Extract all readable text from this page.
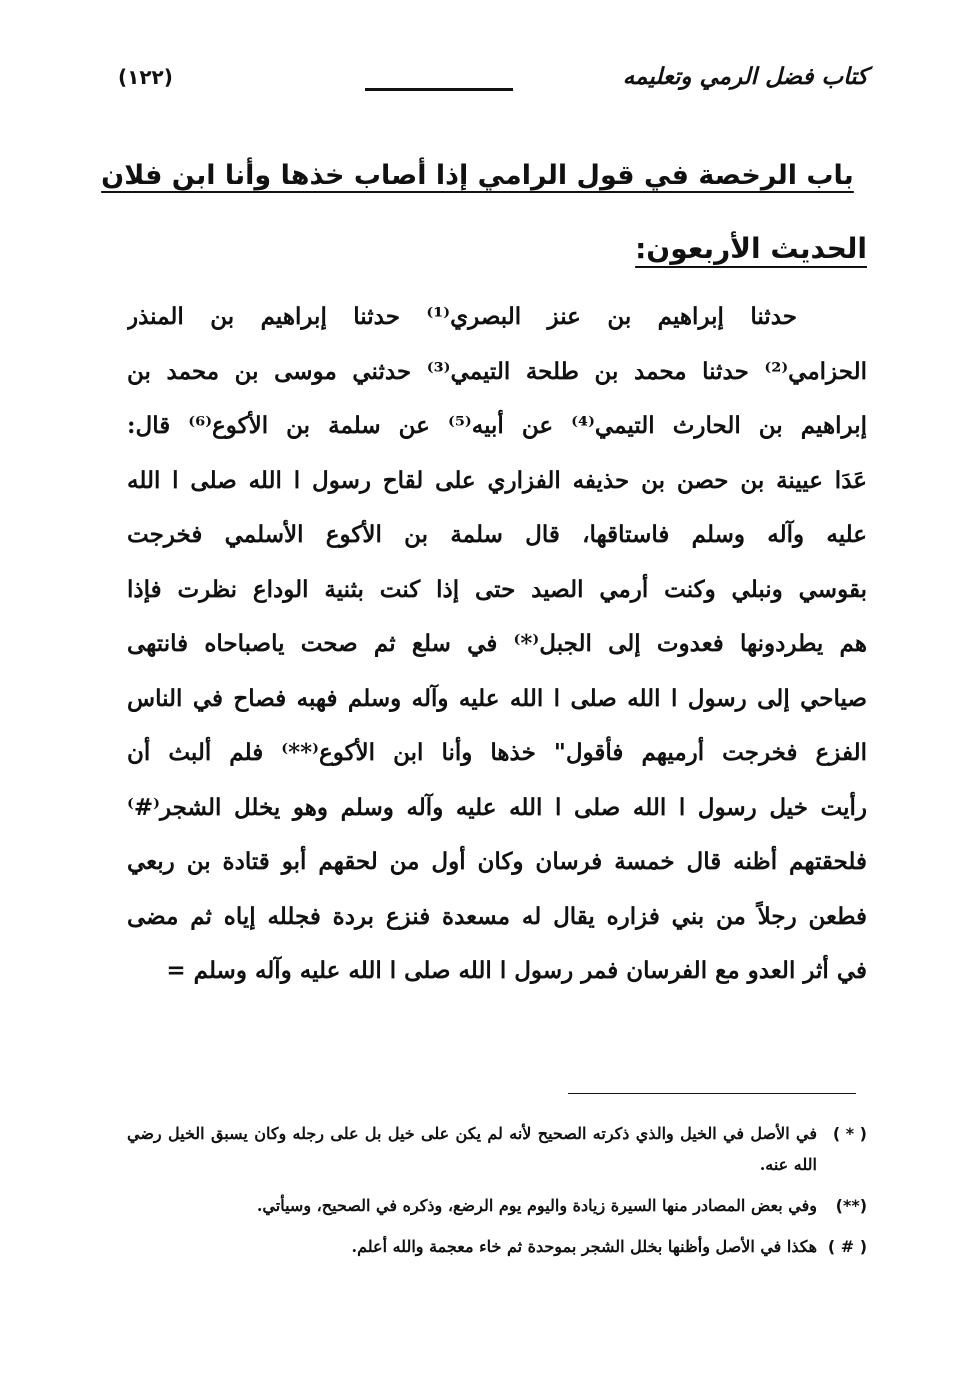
كتاب فضل الرمي وتعليمه
(١٢٢)
باب الرخصة في قول الرامي إذا أصاب خذها وأنا ابن فلان
الحديث الأربعون:
حدثنا إبراهيم بن عنز البصري⁽¹⁾ حدثنا إبراهيم بن المنذر
الحزامي⁽²⁾ حدثنا محمد بن طلحة التيمي⁽³⁾ حدثني موسى بن محمد بن
إبراهيم بن الحارث التيمي⁽⁴⁾ عن أبيه⁽⁵⁾ عن سلمة بن الأكوع⁽⁶⁾ قال:
عَدَا عيينة بن حصن بن حذيفه الفزاري على لقاح رسول ا الله صلى ا الله
عليه وآله وسلم فاستاقها، قال سلمة بن الأكوع الأسلمي فخرجت
بقوسي ونبلي وكنت أرمي الصيد حتى إذا كنت بثنية الوداع نظرت فإذا
هم يطردونها فعدوت إلى الجبل⁽*⁾ في سلع ثم صحت ياصباحاه فانتهى
صياحي إلى رسول ا الله صلى ا الله عليه وآله وسلم فهبه فصاح في الناس
الفزع فخرجت أرميهم فأقول" خذها وأنا ابن الأكوع⁽**⁾ فلم ألبث أن
رأيت خيل رسول ا الله صلى ا الله عليه وآله وسلم وهو يخلل الشجر⁽#⁾
فلحقتهم أظنه قال خمسة فرسان وكان أول من لحقهم أبو قتادة بن ربعي
فطعن رجلاً من بني فزاره يقال له مسعدة فنزع بردة فجلله إياه ثم مضى
في أثر العدو مع الفرسان فمر رسول ا الله صلى ا الله عليه وآله وسلم =
( * )
في الأصل في الخيل والذي ذكرته الصحيح لأنه لم يكن على خيل بل على رجله وكان يسبق الخيل رضي الله عنه.
(**)
وفي بعض المصادر منها السيرة زيادة واليوم يوم الرضع، وذكره في الصحيح، وسيأتي.
( # )
هكذا في الأصل وأظنها بخلل الشجر بموحدة ثم خاء معجمة والله أعلم.
